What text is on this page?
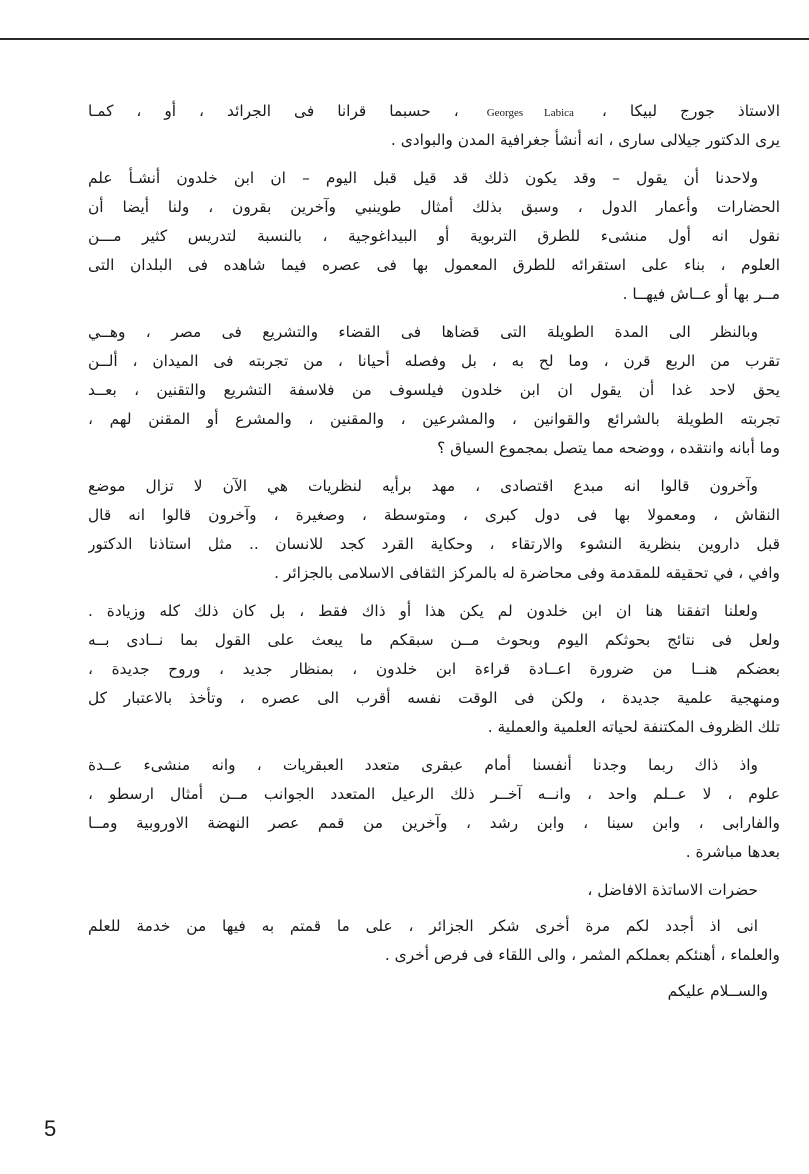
الاستاذ جورج لبيكا ،Georges Labica، حسبما قرانا فى الجرائد ، أو ، كمـا
يرى الدكتور جيلالى سارى ، انه أنشأ جغرافية المدن والبوادى .
ولاحدنا أن يقول – وقد يكون ذلك قد قيل قبل اليوم – ان ابن خلدون أنشـأ علم
الحضارات وأعمار الدول ، وسبق بذلك أمثال طوينبي وآخرين بقرون ، ولنا أيضا أن
نقول انه أول منشىء للطرق التربوية أو البيداغوجية ، بالنسبة لتدريس كثير مـــن
العلوم ، بناء على استقرائه للطرق المعمول بها فى عصره فيما شاهده فى البلدان التى
مــر بها أو عــاش فيهــا .
وبالنظر الى المدة الطويلة التى قضاها فى القضاء والتشريع فى مصر ، وهــي
تقرب من الربع قرن ، وما لح به ، بل وفصله أحيانا ، من تجربته فى الميدان ، ألــن
يحق لاحد غدا أن يقول ان ابن خلدون فيلسوف من فلاسفة التشريع والتقنين ، بعــد
تجربته الطويلة بالشرائع والقوانين ، والمشرعين ، والمقنين ، والمشرع أو المقنن لهم ،
وما أبانه وانتقده ، ووضحه مما يتصل بمجموع السياق ؟
وآخرون قالوا انه مبدع اقتصادى ، مهد برأيه لنظريات هي الآن لا تزال موضع
النقاش ، ومعمولا بها فى دول كبرى ، ومتوسطة ، وصغيرة ، وآخرون قالوا انه قال
قبل داروين بنظرية النشوء والارتقاء ، وحكاية القرد كجد للانسان .. مثل استاذنا الدكتور
وافي ، في تحقيقه للمقدمة وفى محاضرة له بالمركز الثقافى الاسلامى بالجزائر .
ولعلنا اتفقنا هنا ان ابن خلدون لم يكن هذا أو ذاك فقط ، بل كان ذلك كله وزيادة .
ولعل فى نتائج بحوثكم اليوم وبحوث مــن سبقكم ما يبعث على القول بما نــادى بــه
بعضكم هنــا من ضرورة اعــادة قراءة ابن خلدون ، بمنظار جديد ، وروح جديدة ،
ومنهجية علمية جديدة ، ولكن فى الوقت نفسه أقرب الى عصره ، وتأخذ بالاعتبار كل
تلك الظروف المكتنفة لحياته العلمية والعملية .
واذ ذاك ربما وجدنا أنفسنا أمام عبقرى متعدد العبقريات ، وانه منشىء عــدة
علوم ، لا عــلم واحد ، وانــه آخــر ذلك الرعيل المتعدد الجوانب مــن أمثال ارسطو ،
والفارابى ، وابن سينا ، وابن رشد ، وآخرين من قمم عصر النهضة الاوروبية ومــا
بعدها مباشرة .
حضرات الاساتذة الافاضل ،
انى اذ أجدد لكم مرة أخرى شكر الجزائر ، على ما قمتم به فيها من خدمة للعلم
والعلماء ، أهنئكم بعملكم المثمر ، والى اللقاء فى فرص أخرى .
والســلام عليكم
5
